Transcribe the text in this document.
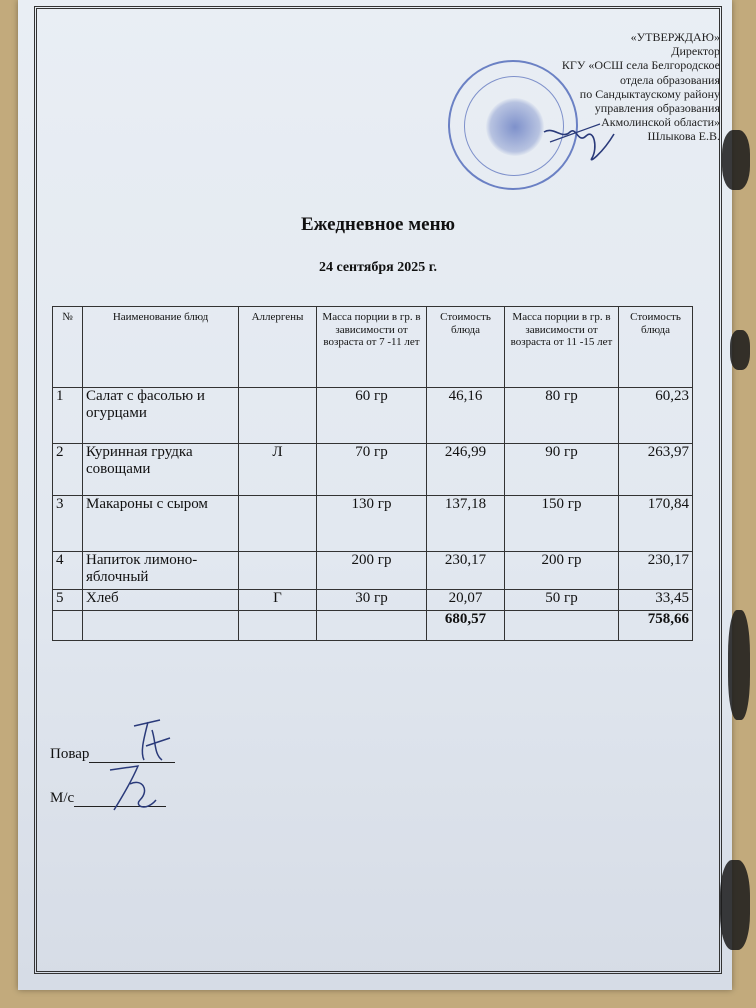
«УТВЕРЖДАЮ»
Директор
КГУ «ОСШ села Белгородское
отдела образования
по Сандыктаускому району
управления образования
Акмолинской области»
Шлыкова Е.В.
Ежедневное меню
24 сентября 2025 г.
№	Наименование блюд	Аллергены	Масса порции в гр. в зависимости от возраста от 7 -11 лет	Стоимость блюда	Масса порции в гр. в зависимости от возраста от 11 -15 лет	Стоимость блюда
1	Салат с фасолью и огурцами		60 гр	46,16	80 гр	60,23
2	Куринная грудка совощами	Л	70 гр	246,99	90 гр	263,97
3	Макароны с сыром		130 гр	137,18	150 гр	170,84
4	Напиток лимоно-яблочный		200 гр	230,17	200 гр	230,17
5	Хлеб	Г	30 гр	20,07	50 гр	33,45
				680,57		758,66
Повар
М/с
